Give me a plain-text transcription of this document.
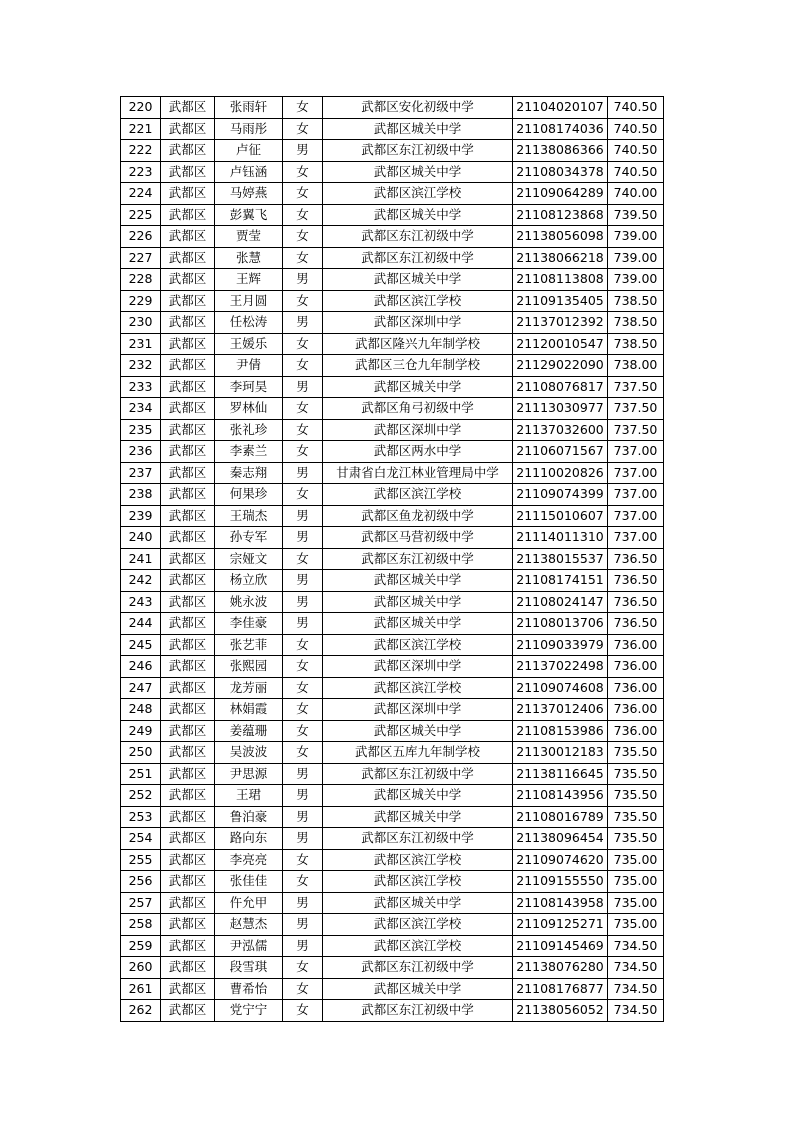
220	武都区	张雨轩	女	武都区安化初级中学	21104020107	740.50
221	武都区	马雨彤	女	武都区城关中学	21108174036	740.50
222	武都区	卢征	男	武都区东江初级中学	21138086366	740.50
223	武都区	卢钰涵	女	武都区城关中学	21108034378	740.50
224	武都区	马婷燕	女	武都区滨江学校	21109064289	740.00
225	武都区	彭翼飞	女	武都区城关中学	21108123868	739.50
226	武都区	贾莹	女	武都区东江初级中学	21138056098	739.00
227	武都区	张慧	女	武都区东江初级中学	21138066218	739.00
228	武都区	王辉	男	武都区城关中学	21108113808	739.00
229	武都区	王月圆	女	武都区滨江学校	21109135405	738.50
230	武都区	任松涛	男	武都区深圳中学	21137012392	738.50
231	武都区	王媛乐	女	武都区隆兴九年制学校	21120010547	738.50
232	武都区	尹倩	女	武都区三仓九年制学校	21129022090	738.00
233	武都区	李珂昊	男	武都区城关中学	21108076817	737.50
234	武都区	罗林仙	女	武都区角弓初级中学	21113030977	737.50
235	武都区	张礼珍	女	武都区深圳中学	21137032600	737.50
236	武都区	李素兰	女	武都区两水中学	21106071567	737.00
237	武都区	秦志翔	男	甘肃省白龙江林业管理局中学	21110020826	737.00
238	武都区	何果珍	女	武都区滨江学校	21109074399	737.00
239	武都区	王瑞杰	男	武都区鱼龙初级中学	21115010607	737.00
240	武都区	孙专军	男	武都区马营初级中学	21114011310	737.00
241	武都区	宗娅文	女	武都区东江初级中学	21138015537	736.50
242	武都区	杨立欣	男	武都区城关中学	21108174151	736.50
243	武都区	姚永波	男	武都区城关中学	21108024147	736.50
244	武都区	李佳豪	男	武都区城关中学	21108013706	736.50
245	武都区	张艺菲	女	武都区滨江学校	21109033979	736.00
246	武都区	张熙园	女	武都区深圳中学	21137022498	736.00
247	武都区	龙芳丽	女	武都区滨江学校	21109074608	736.00
248	武都区	林娟霞	女	武都区深圳中学	21137012406	736.00
249	武都区	姜蕴珊	女	武都区城关中学	21108153986	736.00
250	武都区	吴波波	女	武都区五库九年制学校	21130012183	735.50
251	武都区	尹思源	男	武都区东江初级中学	21138116645	735.50
252	武都区	王珺	男	武都区城关中学	21108143956	735.50
253	武都区	鲁泊豪	男	武都区城关中学	21108016789	735.50
254	武都区	路向东	男	武都区东江初级中学	21138096454	735.50
255	武都区	李亮亮	女	武都区滨江学校	21109074620	735.00
256	武都区	张佳佳	女	武都区滨江学校	21109155550	735.00
257	武都区	仵允甲	男	武都区城关中学	21108143958	735.00
258	武都区	赵慧杰	男	武都区滨江学校	21109125271	735.00
259	武都区	尹泓儒	男	武都区滨江学校	21109145469	734.50
260	武都区	段雪琪	女	武都区东江初级中学	21138076280	734.50
261	武都区	曹希怡	女	武都区城关中学	21108176877	734.50
262	武都区	党宁宁	女	武都区东江初级中学	21138056052	734.50
